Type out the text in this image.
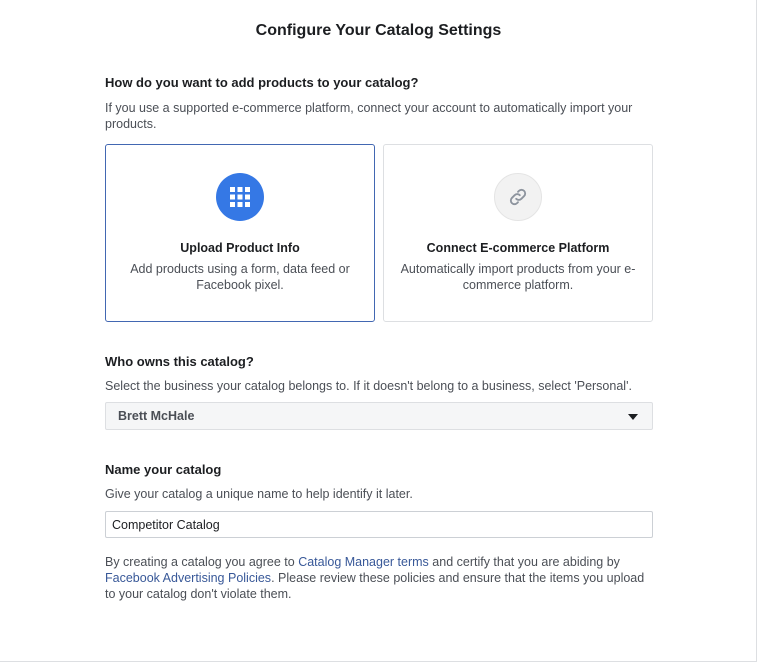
Configure Your Catalog Settings
How do you want to add products to your catalog?
If you use a supported e-commerce platform, connect your account to automatically import your products.
Upload Product Info
Add products using a form, data feed or Facebook pixel.
Connect E-commerce Platform
Automatically import products from your e-commerce platform.
Who owns this catalog?
Select the business your catalog belongs to. If it doesn't belong to a business, select 'Personal'.
Brett McHale
Name your catalog
Give your catalog a unique name to help identify it later.
Competitor Catalog
By creating a catalog you agree to Catalog Manager terms and certify that you are abiding by Facebook Advertising Policies. Please review these policies and ensure that the items you upload to your catalog don't violate them.
